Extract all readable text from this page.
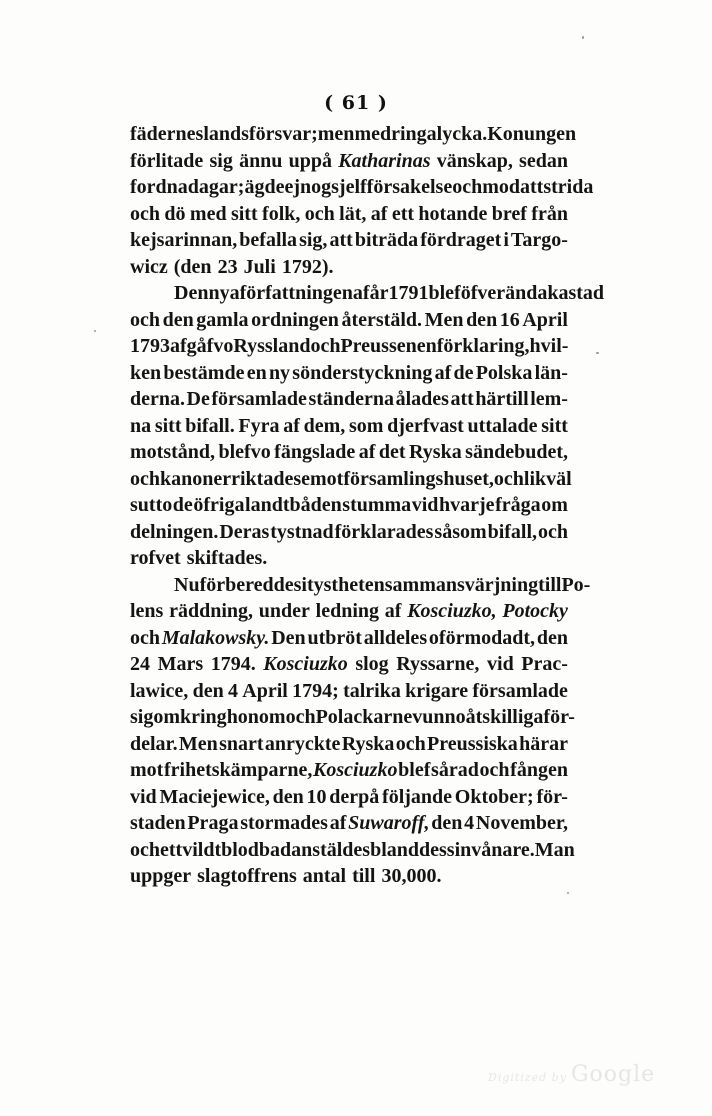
( 61 )
fäderneslands försvar; men med ringa lycka. Konungen
förlitade sig ännu uppå Katharinas vänskap, sedan
fordna dagar; ägde ej nog sjelfförsakelse och mod att strida
och dö med sitt folk, och lät, af ett hotande bref från
kejsarinnan, befalla sig, att biträda fördraget i Targo-
wicz (den 23 Juli 1792).
Den nya författningen af år 1791 blef öfverändakastad
och den gamla ordningen återstäld. Men den 16 April
1793 afgåfvo Ryssland och Preussen en förklaring, hvil-
ken bestämde en ny sönderstyckning af de Polska län-
derna. De församlade ständerna ålades att härtill lem-
na sitt bifall. Fyra af dem, som djerfvast uttalade sitt
motstånd, blefvo fängslade af det Ryska sändebudet,
och kanoner riktades emot församlingshuset, och likväl
sutto de öfriga landtbåden stumma vid hvarje fråga om
delningen. Deras tystnad förklarades såsom bifall, och
rofvet skiftades.
Nu förbereddes i tysthet en sammansvärjning till Po-
lens räddning, under ledning af Kosciuzko, Potocky
och Malakowsky. Den utbröt alldeles oförmodadt, den
24 Mars 1794. Kosciuzko slog Ryssarne, vid Prac-
lawice, den 4 April 1794; talrika krigare församlade
sig omkring honom och Polackarne vunno åtskilliga för-
delar. Men snart anryckte Ryska och Preussiska härar
mot frihetskämparne, Kosciuzko blef sårad och fången
vid Maciejewice, den 10 derpå följande Oktober; för-
staden Praga stormades af Suwaroff, den 4 November,
och ett vildt blodbad anstäldes bland dess invånare. Man
uppger slagtoffrens antal till 30,000.
Digitized by Google
